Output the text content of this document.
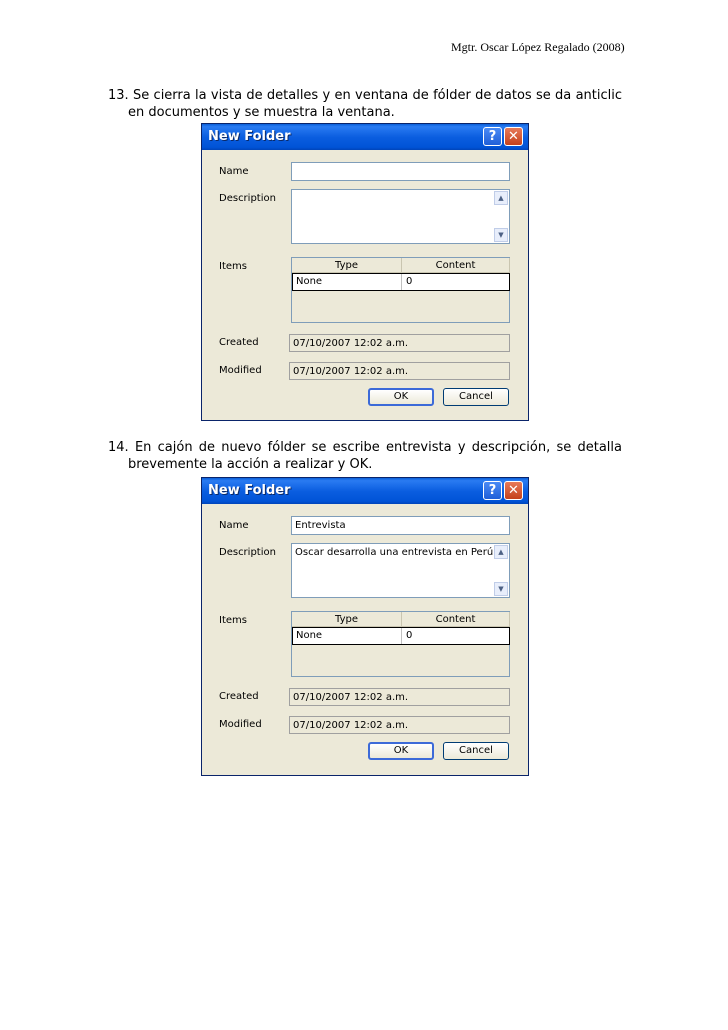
Mgtr. Oscar López Regalado (2008)
13. Se cierra la vista de detalles y en ventana de fólder de datos se da anticlic
en documentos y se muestra la ventana.
New Folder	? ✕
Name
Description	▲
▼
Items	Type	Content
None	0
Created	07/10/2007 12:02 a.m.
Modified	07/10/2007 12:02 a.m.
OK	Cancel
14. En cajón de nuevo fólder se escribe entrevista y descripción, se detalla
brevemente la acción a realizar y OK.
New Folder	? ✕
Name	Entrevista
Description	Oscar desarrolla una entrevista en Perú ▲
▼
Items	Type	Content
None	0
Created	07/10/2007 12:02 a.m.
Modified	07/10/2007 12:02 a.m.
OK	Cancel
